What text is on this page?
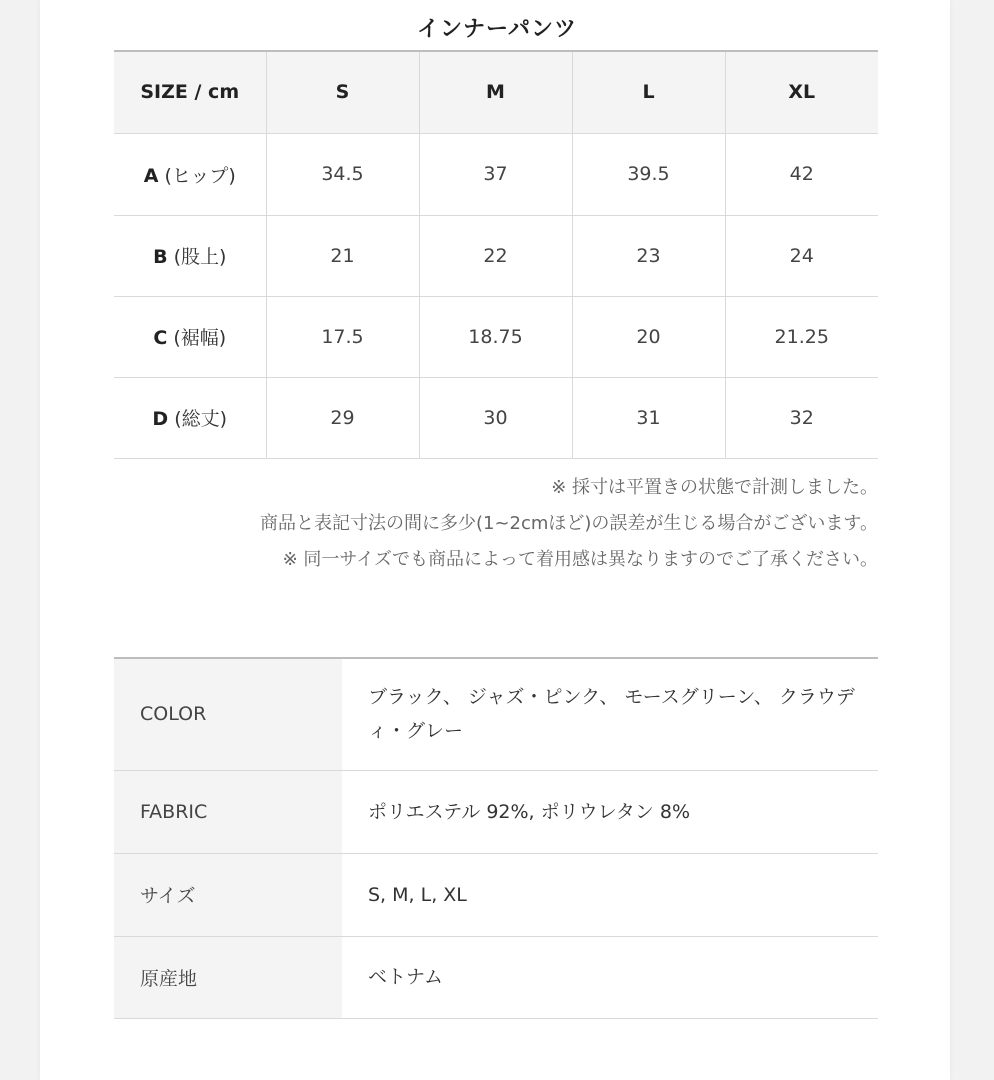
インナーパンツ
SIZE / cm	S	M	L	XL
A (ヒップ)	34.5	37	39.5	42
B (股上)	21	22	23	24
C (裾幅)	17.5	18.75	20	21.25
D (総丈)	29	30	31	32
※ 採寸は平置きの状態で計測しました。
商品と表記寸法の間に多少(1~2cmほど)の誤差が生じる場合がございます。
※ 同一サイズでも商品によって着用感は異なりますのでご了承ください。
COLOR	ブラック、 ジャズ・ピンク、 モースグリーン、 クラウディ・グレー
FABRIC	ポリエステル 92%, ポリウレタン 8%
サイズ	S, M, L, XL
原産地	ベトナム
